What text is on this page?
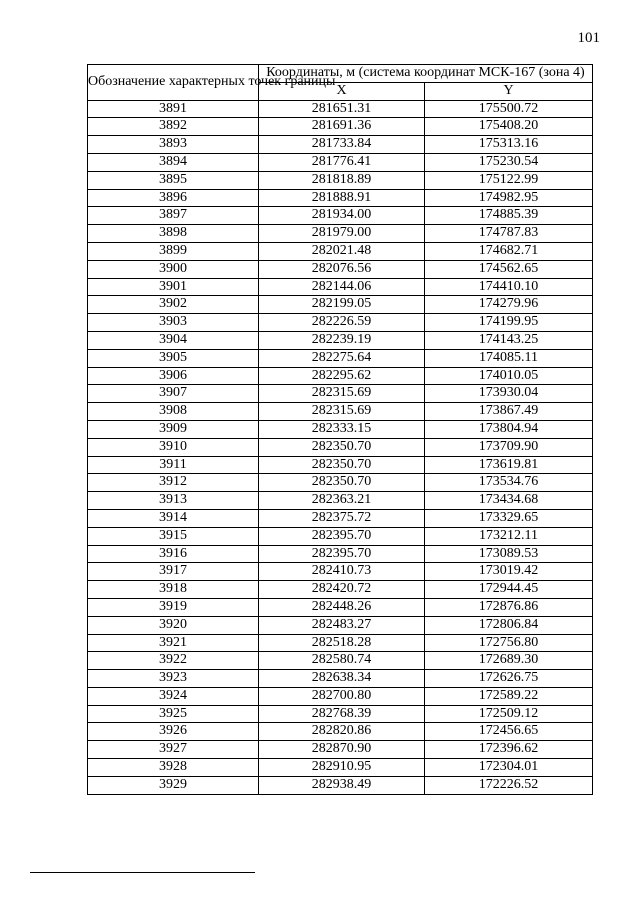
101
Обозначение характерных точек границы	Координаты, м (система координат МСК-167 (зона 4)	
	X	Y
3891	281651.31	175500.72
3892	281691.36	175408.20
3893	281733.84	175313.16
3894	281776.41	175230.54
3895	281818.89	175122.99
3896	281888.91	174982.95
3897	281934.00	174885.39
3898	281979.00	174787.83
3899	282021.48	174682.71
3900	282076.56	174562.65
3901	282144.06	174410.10
3902	282199.05	174279.96
3903	282226.59	174199.95
3904	282239.19	174143.25
3905	282275.64	174085.11
3906	282295.62	174010.05
3907	282315.69	173930.04
3908	282315.69	173867.49
3909	282333.15	173804.94
3910	282350.70	173709.90
3911	282350.70	173619.81
3912	282350.70	173534.76
3913	282363.21	173434.68
3914	282375.72	173329.65
3915	282395.70	173212.11
3916	282395.70	173089.53
3917	282410.73	173019.42
3918	282420.72	172944.45
3919	282448.26	172876.86
3920	282483.27	172806.84
3921	282518.28	172756.80
3922	282580.74	172689.30
3923	282638.34	172626.75
3924	282700.80	172589.22
3925	282768.39	172509.12
3926	282820.86	172456.65
3927	282870.90	172396.62
3928	282910.95	172304.01
3929	282938.49	172226.52
